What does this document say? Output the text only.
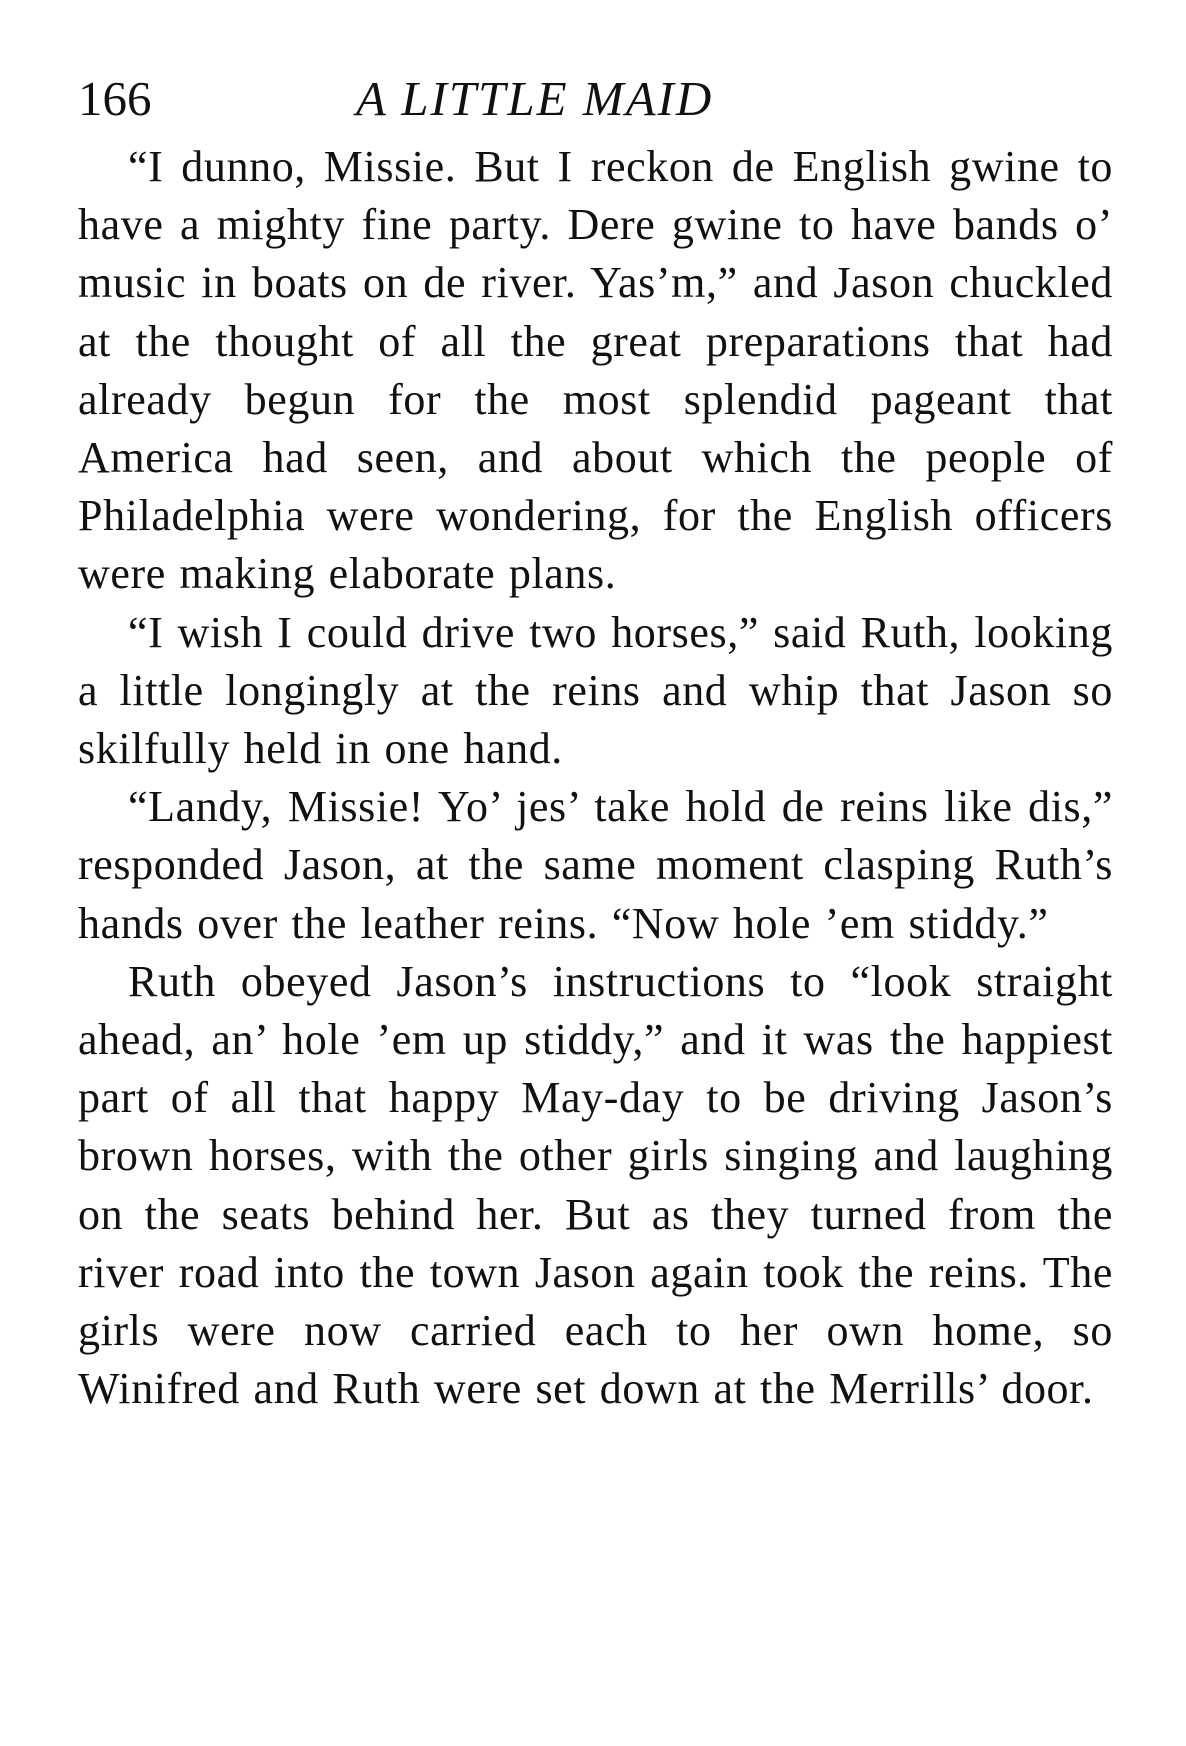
166	A LITTLE MAID

“I dunno, Missie. But I reckon de English gwine to have a mighty fine party. Dere gwine to have bands o’ music in boats on de river. Yas’m,” and Jason chuckled at the thought of all the great preparations that had already begun for the most splendid pageant that America had seen, and about which the people of Philadelphia were wondering, for the English officers were making elaborate plans.

“I wish I could drive two horses,” said Ruth, looking a little longingly at the reins and whip that Jason so skilfully held in one hand.

“Landy, Missie! Yo’ jes’ take hold de reins like dis,” responded Jason, at the same moment clasping Ruth’s hands over the leather reins. “Now hole ’em stiddy.”

Ruth obeyed Jason’s instructions to “look straight ahead, an’ hole ’em up stiddy,” and it was the happiest part of all that happy May-day to be driving Jason’s brown horses, with the other girls singing and laughing on the seats behind her. But as they turned from the river road into the town Jason again took the reins. The girls were now carried each to her own home, so Winifred and Ruth were set down at the Merrills’ door.
